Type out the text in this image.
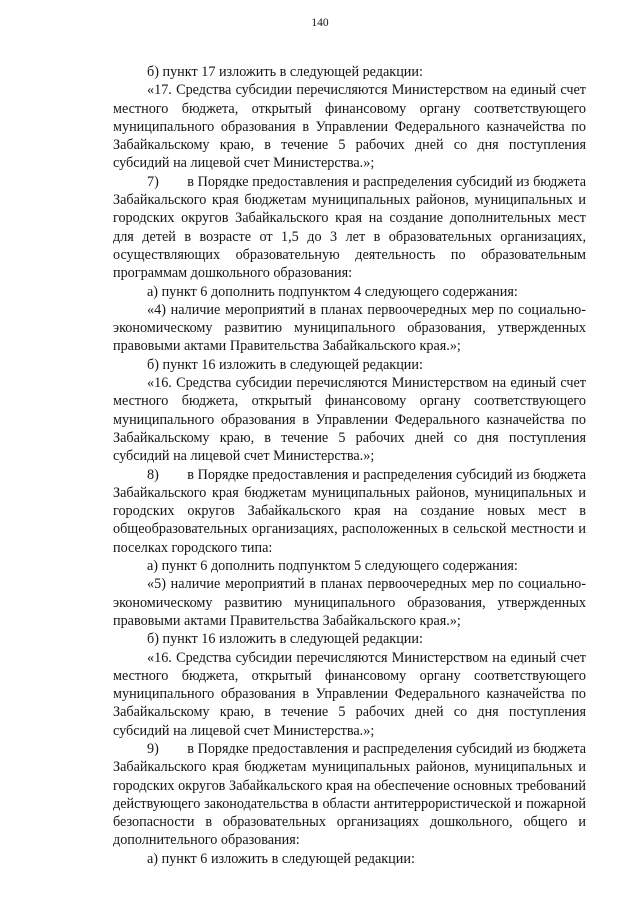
140

б) пункт 17 изложить в следующей редакции:

«17. Средства субсидии перечисляются Министерством на единый счет местного бюджета, открытый финансовому органу соответствующего муниципального образования в Управлении Федерального казначейства по Забайкальскому краю, в течение 5 рабочих дней со дня поступления субсидий на лицевой счет Министерства.»;

7)  в Порядке предоставления и распределения субсидий из бюджета Забайкальского края бюджетам муниципальных районов, муниципальных и городских округов Забайкальского края на создание дополнительных мест для детей в возрасте от 1,5 до 3 лет в образовательных организациях, осуществляющих образовательную деятельность по образовательным программам дошкольного образования:

а) пункт 6 дополнить подпунктом 4 следующего содержания:

«4) наличие мероприятий в планах первоочередных мер по социально-экономическому развитию муниципального образования, утвержденных правовыми актами Правительства Забайкальского края.»;

б) пункт 16 изложить в следующей редакции:

«16. Средства субсидии перечисляются Министерством на единый счет местного бюджета, открытый финансовому органу соответствующего муниципального образования в Управлении Федерального казначейства по Забайкальскому краю, в течение 5 рабочих дней со дня поступления субсидий на лицевой счет Министерства.»;

8)  в Порядке предоставления и распределения субсидий из бюджета Забайкальского края бюджетам муниципальных районов, муниципальных и городских округов Забайкальского края на создание новых мест в общеобразовательных организациях, расположенных в сельской местности и поселках городского типа:

а) пункт 6 дополнить подпунктом 5 следующего содержания:

«5) наличие мероприятий в планах первоочередных мер по социально-экономическому развитию муниципального образования, утвержденных правовыми актами Правительства Забайкальского края.»;

б) пункт 16 изложить в следующей редакции:

«16. Средства субсидии перечисляются Министерством на единый счет местного бюджета, открытый финансовому органу соответствующего муниципального образования в Управлении Федерального казначейства по Забайкальскому краю, в течение 5 рабочих дней со дня поступления субсидий на лицевой счет Министерства.»;

9)  в Порядке предоставления и распределения субсидий из бюджета Забайкальского края бюджетам муниципальных районов, муниципальных и городских округов Забайкальского края на обеспечение основных требований действующего законодательства в области антитеррористической и пожарной безопасности в образовательных организациях дошкольного, общего и дополнительного образования:

а) пункт 6 изложить в следующей редакции:
